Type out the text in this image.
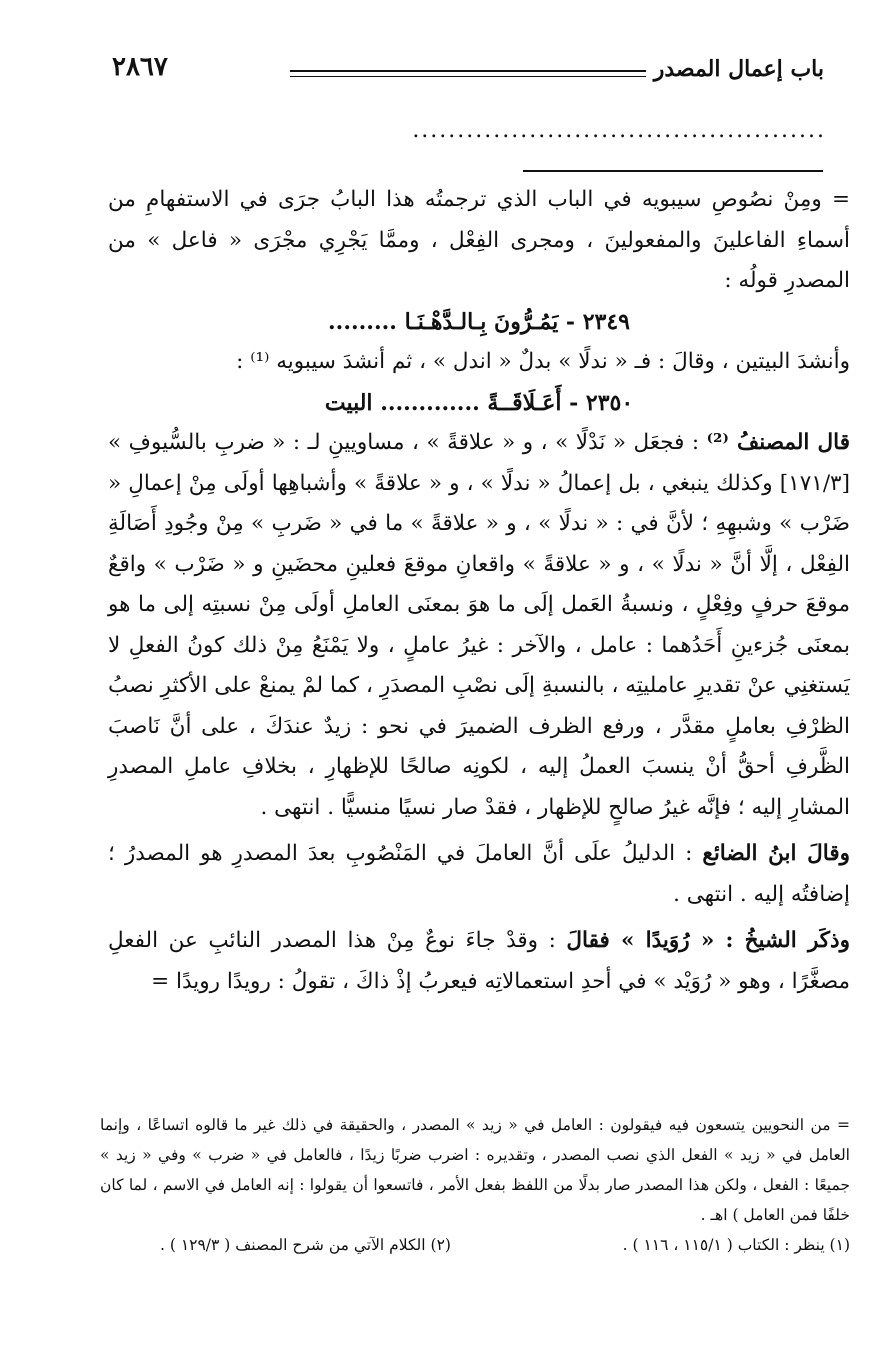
باب إعمال المصدر
٢٨٦٧
..............................................

= ومِنْ نصُوصِ سيبويه في الباب الذي ترجمتُه هذا البابُ جرَى في الاستفهامِ من أسماءِ الفاعلينَ والمفعولينَ ، ومجرى الفِعْل ، وممَّا يَجْرِي مجْرَى « فاعل » من المصدرِ قولُه :

٢٣٤٩ - يَمُـرُّونَ بِـالـدَّهْـنَـا .........

وأنشدَ البيتين ، وقالَ : فـ « ندلًا » بدلٌ « اندل » ، ثم أنشدَ سيبويه ⁽¹⁾ :

٢٣٥٠ - أَعَـلَاقَــةً ............. البيت

قال المصنفُ ⁽²⁾ : فجعَل « نَدْلًا » ، و « علاقةً » ، مساويينِ لـ : « ضربِ بالسُّيوفِ » [١٧١/٣] وكذلك ينبغي ، بل إعمالُ « ندلًا » ، و « علاقةً » وأشباهِها أولَى مِنْ إعمالِ « ضَرْب » وشبهِهِ ؛ لأنَّ في : « ندلًا » ، و « علاقةً » ما في « ضَربِ » مِنْ وجُودِ أَصَالَةِ الفِعْل ، إلَّا أنَّ « ندلًا » ، و « علاقةً » واقعانِ موقعَ فعلينِ محضَينِ و « ضَرْب » واقعٌ موقعَ حرفٍ وفِعْلٍ ، ونسبةُ العَمل إلَى ما هوَ بمعنَى العاملِ أولَى مِنْ نسبتِه إلى ما هو بمعنَى جُزءينِ أَحَدُهما : عامل ، والآخر : غيرُ عاملٍ ، ولا يَمْنَعُ مِنْ ذلك كونُ الفعلِ لا يَستغنِي عنْ تقديرِ عامليتِه ، بالنسبةِ إلَى نصْبِ المصدَرِ ، كما لمْ يمنعْ على الأكثرِ نصبُ الظرْفِ بعاملٍ مقدَّر ، ورفع الظرف الضميرَ في نحو : زيدٌ عندَكَ ، على أنَّ نَاصبَ الظَّرفِ أحقُّ أنْ ينسبَ العملُ إليه ، لكونِه صالحًا للإظهارِ ، بخلافِ عاملِ المصدرِ المشارِ إليه ؛ فإنَّه غيرُ صالحٍ للإظهار ، فقدْ صار نسيًا منسيًّا . انتهى .

وقالَ ابنُ الضائع : الدليلُ علَى أنَّ العاملَ في المَنْصُوبِ بعدَ المصدرِ هو المصدرُ ؛ إضافتُه إليه . انتهى .

وذكَر الشيخُ : « رُوَيدًا » فقالَ : وقدْ جاءَ نوعٌ مِنْ هذا المصدر النائبِ عن الفعلِ مصغَّرًا ، وهو « رُوَيْد » في أحدِ استعمالاتِه فيعربُ إذْ ذاكَ ، تقولُ : رويدًا رويدًا =

= من النحويين يتسعون فيه فيقولون : العامل في « زيد » المصدر ، والحقيقة في ذلك غير ما قالوه اتساعًا ، وإنما العامل في « زيد » الفعل الذي نصب المصدر ، وتقديره : اضرب ضربًا زيدًا ، فالعامل في « ضرب » وفي « زيد » جميعًا : الفعل ، ولكن هذا المصدر صار بدلًا من اللفظ بفعل الأمر ، فاتسعوا أن يقولوا : إنه العامل في الاسم ، لما كان خلفًا فمن العامل ) اهـ .

(١) ينظر : الكتاب ( ١١٥/١ ، ١١٦ ) .
(٢) الكلام الآتي من شرح المصنف ( ١٢٩/٣ ) .
